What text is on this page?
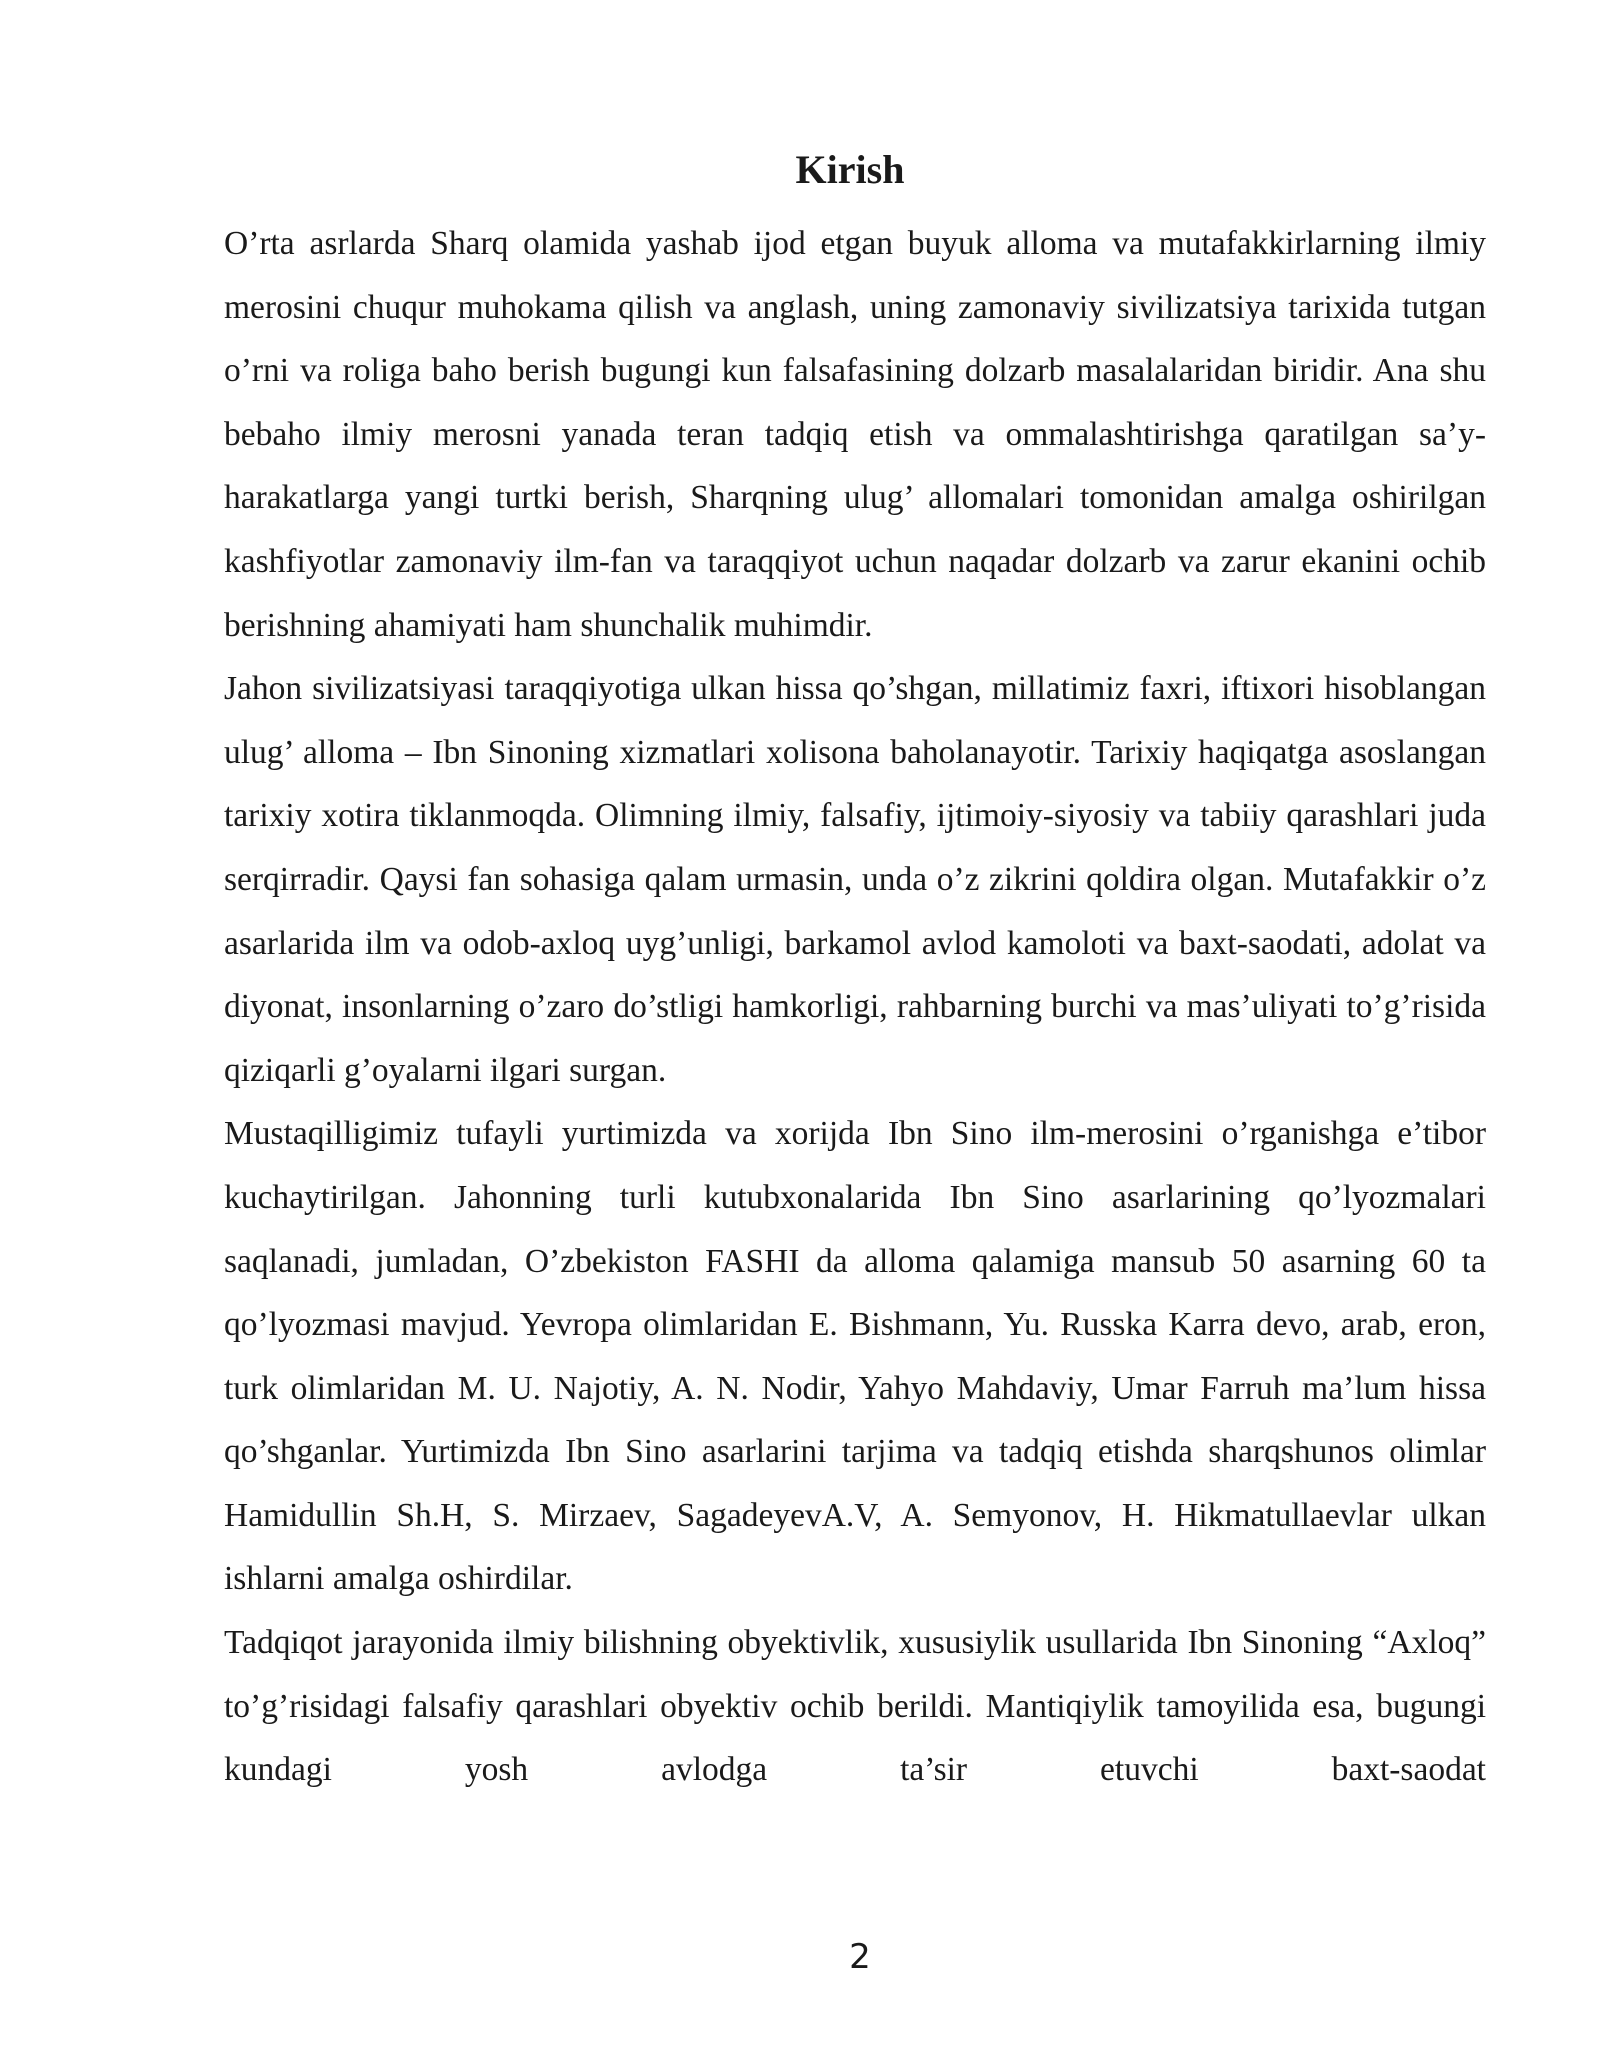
Kirish

O’rta asrlarda Sharq olamida yashab ijod etgan buyuk alloma va mutafakkirlarning ilmiy merosini chuqur muhokama qilish va anglash, uning zamonaviy sivilizatsiya tarixida tutgan o’rni va roliga baho berish bugungi kun falsafasining dolzarb masalalaridan biridir. Ana shu bebaho ilmiy merosni yanada teran tadqiq etish va ommalashtirishga qaratilgan sa’y-harakatlarga yangi turtki berish, Sharqning ulug’ allomalari tomonidan amalga oshirilgan kashfiyotlar zamonaviy ilm-fan va taraqqiyot uchun naqadar dolzarb va zarur ekanini ochib berishning ahamiyati ham shunchalik muhimdir.

Jahon sivilizatsiyasi taraqqiyotiga ulkan hissa qo’shgan, millatimiz faxri, iftixori hisoblangan ulug’ alloma – Ibn Sinoning xizmatlari xolisona baholanayotir. Tarixiy haqiqatga asoslangan tarixiy xotira tiklanmoqda. Olimning ilmiy, falsafiy, ijtimoiy-siyosiy va tabiiy qarashlari juda serqirradir. Qaysi fan sohasiga qalam urmasin, unda o’z zikrini qoldira olgan. Mutafakkir o’z asarlarida ilm va odob-axloq uyg’unligi, barkamol avlod kamoloti va baxt-saodati, adolat va diyonat, insonlarning o’zaro do’stligi hamkorligi, rahbarning burchi va mas’uliyati to’g’risida qiziqarli g’oyalarni ilgari surgan.

Mustaqilligimiz tufayli yurtimizda va xorijda Ibn Sino ilm-merosini o’rganishga e’tibor kuchaytirilgan. Jahonning turli kutubxonalarida Ibn Sino asarlarining qo’lyozmalari saqlanadi, jumladan, O’zbekiston FASHI da alloma qalamiga mansub 50 asarning 60 ta qo’lyozmasi mavjud. Yevropa olimlaridan E. Bishmann, Yu. Russka Karra devo, arab, eron, turk olimlaridan M. U. Najotiy, A. N. Nodir, Yahyo Mahdaviy, Umar Farruh ma’lum hissa qo’shganlar. Yurtimizda Ibn Sino asarlarini tarjima va tadqiq etishda sharqshunos olimlar Hamidullin Sh.H, S. Mirzaev, SagadeyevA.V, A. Semyonov, H. Hikmatullaevlar ulkan ishlarni amalga oshirdilar.

Tadqiqot jarayonida ilmiy bilishning obyektivlik, xususiylik usullarida Ibn Sinoning “Axloq” to’g’risidagi falsafiy qarashlari obyektiv ochib berildi. Mantiqiylik tamoyilida esa, bugungi kundagi yosh avlodga ta’sir etuvchi baxt-saodat

2
